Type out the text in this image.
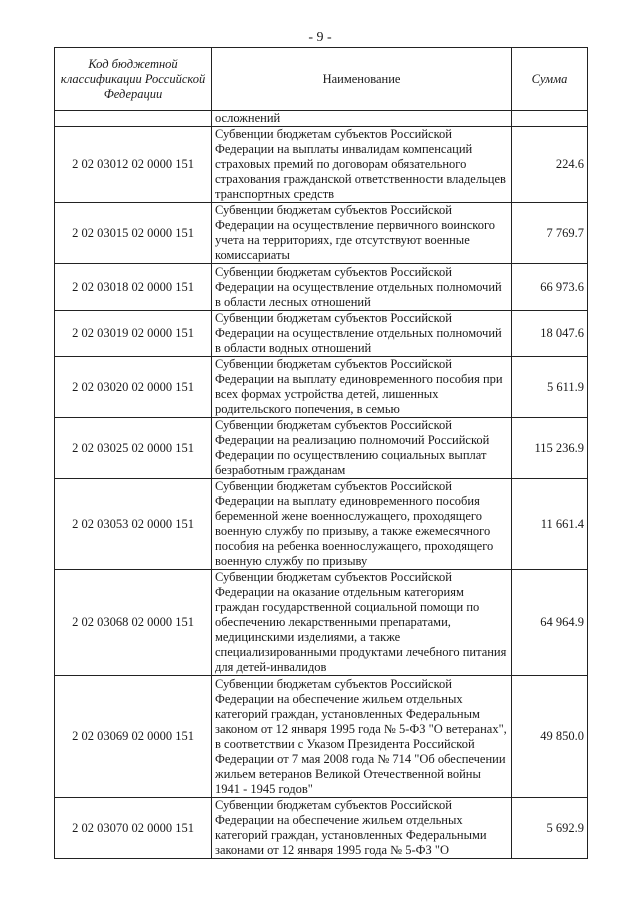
- 9 -
Код бюджетной классификации Российской Федерации	Наименование	Сумма
	осложнений	
2 02 03012 02 0000 151	Субвенции бюджетам субъектов Российской Федерации на выплаты инвалидам компенсаций страховых премий по договорам обязательного страхования гражданской ответственности владельцев транспортных средств	224.6
2 02 03015 02 0000 151	Субвенции бюджетам субъектов Российской Федерации на осуществление первичного воинского учета на территориях, где отсутствуют военные комиссариаты	7 769.7
2 02 03018 02 0000 151	Субвенции бюджетам субъектов Российской Федерации на осуществление отдельных полномочий в области лесных отношений	66 973.6
2 02 03019 02 0000 151	Субвенции бюджетам субъектов Российской Федерации на осуществление отдельных полномочий в области водных отношений	18 047.6
2 02 03020 02 0000 151	Субвенции бюджетам субъектов Российской Федерации на выплату единовременного пособия при всех формах устройства детей, лишенных родительского попечения, в семью	5 611.9
2 02 03025 02 0000 151	Субвенции бюджетам субъектов Российской Федерации на реализацию полномочий Российской Федерации по осуществлению социальных выплат безработным гражданам	115 236.9
2 02 03053 02 0000 151	Субвенции бюджетам субъектов Российской Федерации на выплату единовременного пособия беременной жене военнослужащего, проходящего военную службу по призыву, а также ежемесячного пособия на ребенка военнослужащего, проходящего военную службу по призыву	11 661.4
2 02 03068 02 0000 151	Субвенции бюджетам субъектов Российской Федерации на оказание отдельным категориям граждан государственной социальной помощи по обеспечению лекарственными препаратами, медицинскими изделиями, а также специализированными продуктами лечебного питания для детей-инвалидов	64 964.9
2 02 03069 02 0000 151	Субвенции бюджетам субъектов Российской Федерации на обеспечение жильем отдельных категорий граждан, установленных Федеральным законом от 12 января 1995 года № 5-ФЗ "О ветеранах", в соответствии с Указом Президента Российской Федерации от 7 мая 2008 года № 714 "Об обеспечении жильем ветеранов Великой Отечественной войны 1941 - 1945 годов"	49 850.0
2 02 03070 02 0000 151	Субвенции бюджетам субъектов Российской Федерации на обеспечение жильем отдельных категорий граждан, установленных Федеральными законами от 12 января 1995 года № 5-ФЗ "О	5 692.9
